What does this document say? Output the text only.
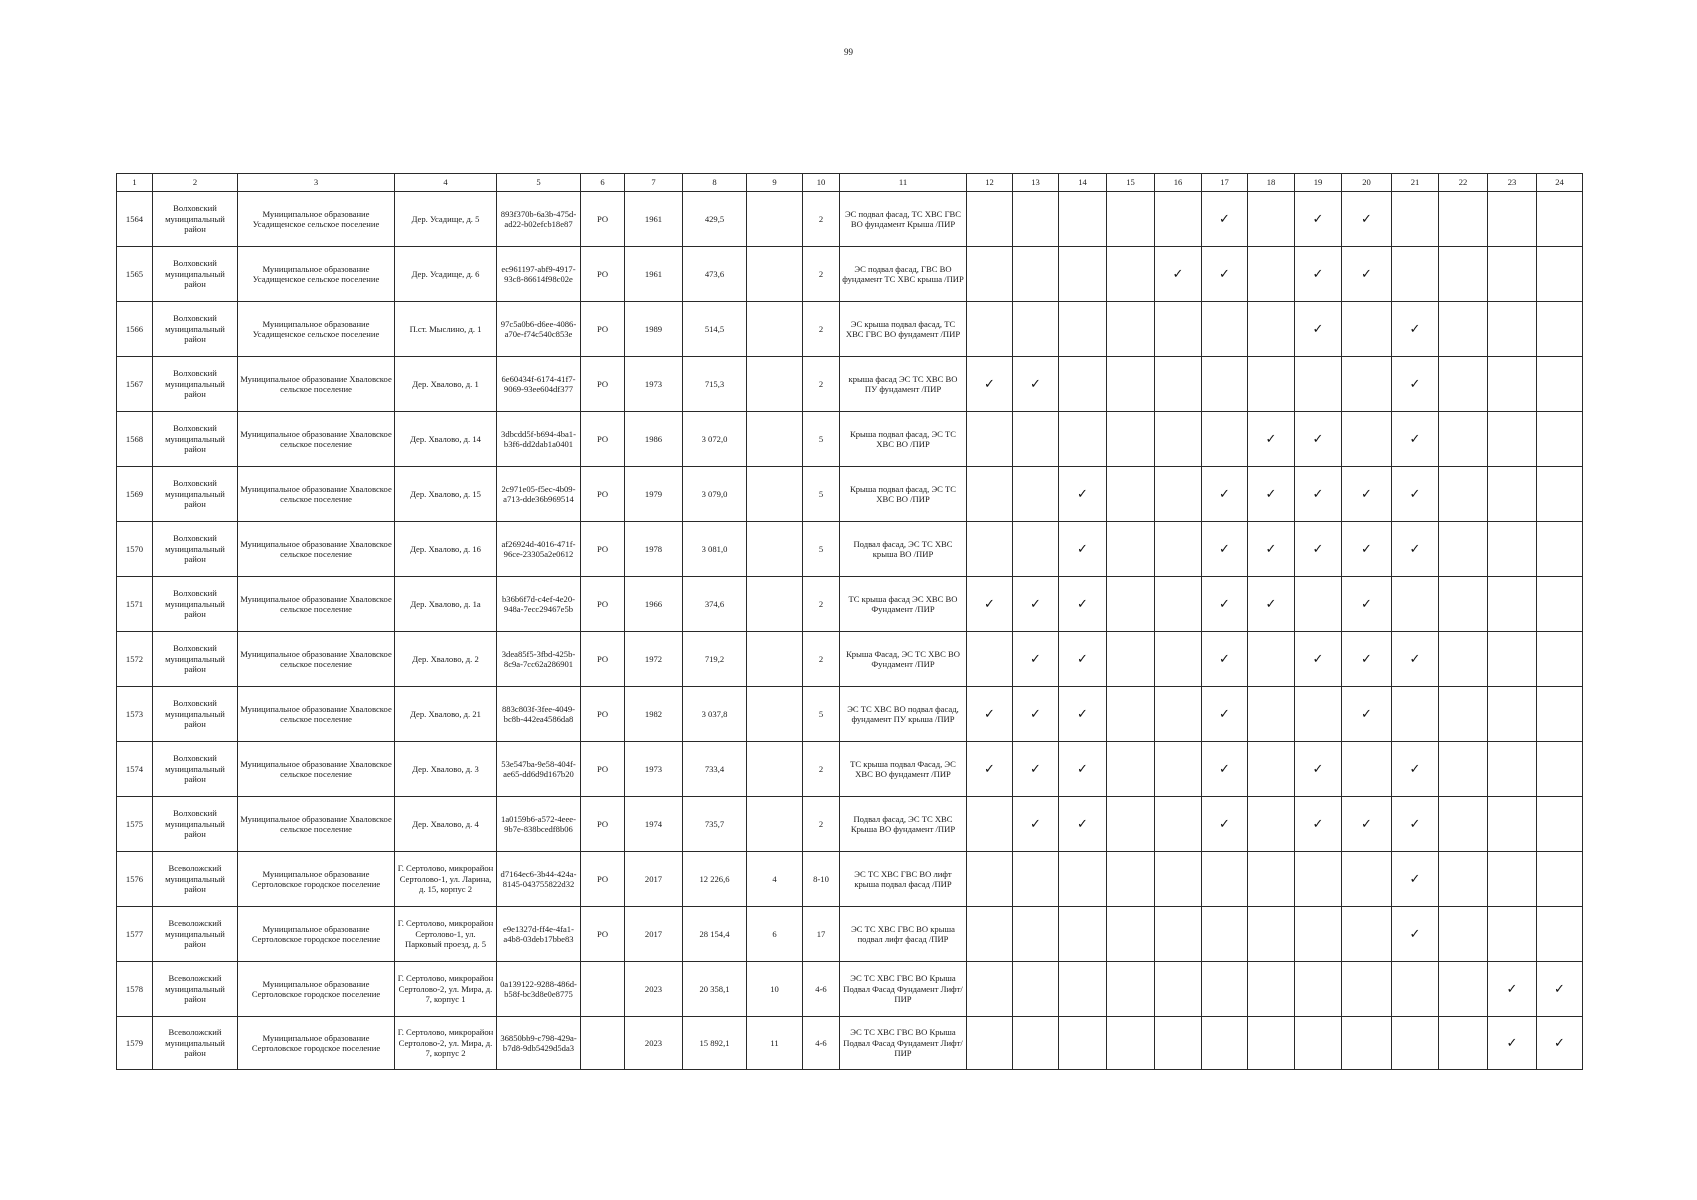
99
1	2	3	4	5	6	7	8	9	10	11	12	13	14	15	16	17	18	19	20	21	22	23	24
1564	Волховский муниципальный район	Муниципальное образование Усадищенское сельское поселение	Дер. Усадище, д. 5	893f370b-6a3b-475d-ad22-b02efcb18e87	РО	1961	429,5		2	ЭС подвал фасад, ТС ХВС ГВС ВО фундамент Крыша /ПИР						✓		✓	✓				
1565	Волховский муниципальный район	Муниципальное образование Усадищенское сельское поселение	Дер. Усадище, д. 6	ec961197-abf9-4917-93c8-86614f98c02e	РО	1961	473,6		2	ЭС подвал фасад, ГВС ВО фундамент ТС ХВС крыша /ПИР					✓	✓		✓	✓				
1566	Волховский муниципальный район	Муниципальное образование Усадищенское сельское поселение	П.ст. Мыслино, д. 1	97c5a0b6-d6ee-4086-a70e-f74c540c853e	РО	1989	514,5		2	ЭС крыша подвал фасад, ТС ХВС ГВС ВО фундамент /ПИР								✓		✓			
1567	Волховский муниципальный район	Муниципальное образование Хваловское сельское поселение	Дер. Хвалово, д. 1	6e60434f-6174-41f7-9069-93ee604df377	РО	1973	715,3		2	крыша фасад ЭС ТС ХВС ВО ПУ фундамент /ПИР	✓	✓								✓			
1568	Волховский муниципальный район	Муниципальное образование Хваловское сельское поселение	Дер. Хвалово, д. 14	3dbcdd5f-b694-4ba1-b3f6-dd2dab1a0401	РО	1986	3 072,0		5	Крыша подвал фасад, ЭС ТС ХВС ВО /ПИР							✓	✓		✓			
1569	Волховский муниципальный район	Муниципальное образование Хваловское сельское поселение	Дер. Хвалово, д. 15	2c971e05-f5ec-4b09-a713-dde36b969514	РО	1979	3 079,0		5	Крыша подвал фасад, ЭС ТС ХВС ВО /ПИР			✓			✓	✓	✓	✓	✓			
1570	Волховский муниципальный район	Муниципальное образование Хваловское сельское поселение	Дер. Хвалово, д. 16	af26924d-4016-471f-96ce-23305a2e0612	РО	1978	3 081,0		5	Подвал фасад, ЭС ТС ХВС крыша ВО /ПИР			✓			✓	✓	✓	✓	✓			
1571	Волховский муниципальный район	Муниципальное образование Хваловское сельское поселение	Дер. Хвалово, д. 1а	b36b6f7d-c4ef-4e20-948a-7ecc29467e5b	РО	1966	374,6		2	ТС крыша фасад ЭС ХВС ВО Фундамент /ПИР	✓	✓	✓			✓	✓		✓				
1572	Волховский муниципальный район	Муниципальное образование Хваловское сельское поселение	Дер. Хвалово, д. 2	3dea85f5-3fbd-425b-8c9a-7cc62a286901	РО	1972	719,2		2	Крыша Фасад, ЭС ТС ХВС ВО Фундамент /ПИР		✓	✓			✓		✓	✓	✓			
1573	Волховский муниципальный район	Муниципальное образование Хваловское сельское поселение	Дер. Хвалово, д. 21	883c803f-3fee-4049-bc8b-442ea4586da8	РО	1982	3 037,8		5	ЭС ТС ХВС ВО подвал фасад, фундамент ПУ крыша /ПИР	✓	✓	✓			✓			✓				
1574	Волховский муниципальный район	Муниципальное образование Хваловское сельское поселение	Дер. Хвалово, д. 3	53e547ba-9e58-404f-ae65-dd6d9d167b20	РО	1973	733,4		2	ТС крыша подвал Фасад, ЭС ХВС ВО фундамент /ПИР	✓	✓	✓			✓		✓		✓			
1575	Волховский муниципальный район	Муниципальное образование Хваловское сельское поселение	Дер. Хвалово, д. 4	1a0159b6-a572-4eee-9b7e-838bcedf8b06	РО	1974	735,7		2	Подвал фасад, ЭС ТС ХВС Крыша ВО фундамент /ПИР		✓	✓			✓		✓	✓	✓			
1576	Всеволожский муниципальный район	Муниципальное образование Сертоловское городское поселение	Г. Сертолово, микрорайон Сертолово-1, ул. Ларина, д. 15, корпус 2	d7164ec6-3b44-424a-8145-043755822d32	РО	2017	12 226,6	4	8-10	ЭС ТС ХВС ГВС ВО лифт крыша подвал фасад /ПИР										✓			
1577	Всеволожский муниципальный район	Муниципальное образование Сертоловское городское поселение	Г. Сертолово, микрорайон Сертолово-1, ул. Парковый проезд, д. 5	e9e1327d-ff4e-4fa1-a4b8-03deb17bbe83	РО	2017	28 154,4	6	17	ЭС ТС ХВС ГВС ВО крыша подвал лифт фасад /ПИР										✓			
1578	Всеволожский муниципальный район	Муниципальное образование Сертоловское городское поселение	Г. Сертолово, микрорайон Сертолово-2, ул. Мира, д. 7, корпус 1	0a139122-9288-486d-b58f-bc3d8e0e8775		2023	20 358,1	10	4-6	ЭС ТС ХВС ГВС ВО Крыша Подвал Фасад Фундамент Лифт/ ПИР												✓	✓
1579	Всеволожский муниципальный район	Муниципальное образование Сертоловское городское поселение	Г. Сертолово, микрорайон Сертолово-2, ул. Мира, д. 7, корпус 2	36850bb9-c798-429a-b7d8-9db5429d5da3		2023	15 892,1	11	4-6	ЭС ТС ХВС ГВС ВО Крыша Подвал Фасад Фундамент Лифт/ ПИР												✓	✓
